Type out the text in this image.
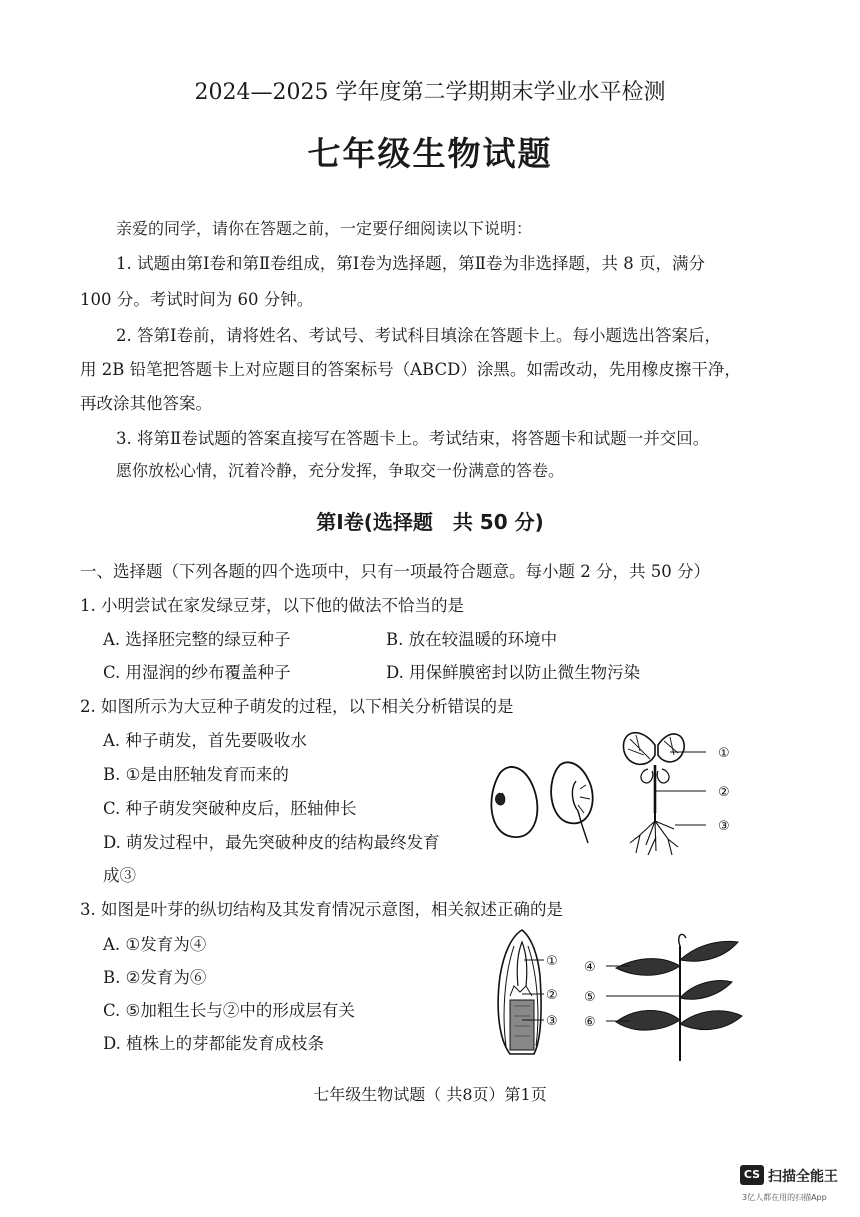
2024—2025 学年度第二学期期末学业水平检测
七年级生物试题
亲爱的同学，请你在答题之前，一定要仔细阅读以下说明：
1. 试题由第Ⅰ卷和第Ⅱ卷组成，第Ⅰ卷为选择题，第Ⅱ卷为非选择题，共 8 页，满分
100 分。考试时间为 60 分钟。
2. 答第Ⅰ卷前，请将姓名、考试号、考试科目填涂在答题卡上。每小题选出答案后，
用 2B 铅笔把答题卡上对应题目的答案标号（ABCD）涂黑。如需改动，先用橡皮擦干净，
再改涂其他答案。
3. 将第Ⅱ卷试题的答案直接写在答题卡上。考试结束，将答题卡和试题一并交回。
愿你放松心情，沉着冷静，充分发挥，争取交一份满意的答卷。
第Ⅰ卷(选择题　共 50 分)
一、选择题（下列各题的四个选项中，只有一项最符合题意。每小题 2 分，共 50 分）
1. 小明尝试在家发绿豆芽，以下他的做法不恰当的是
A. 选择胚完整的绿豆种子	B. 放在较温暖的环境中
C. 用湿润的纱布覆盖种子	D. 用保鲜膜密封以防止微生物污染
2. 如图所示为大豆种子萌发的过程，以下相关分析错误的是
A. 种子萌发，首先要吸收水
B. ①是由胚轴发育而来的
C. 种子萌发突破种皮后，胚轴伸长
D. 萌发过程中，最先突破种皮的结构最终发育
成③
①
②
③
3. 如图是叶芽的纵切结构及其发育情况示意图，相关叙述正确的是
A. ①发育为④
B. ②发育为⑥
C. ⑤加粗生长与②中的形成层有关
D. 植株上的芽都能发育成枝条
①
②
③
④
⑤
⑥
七年级生物试题（ 共8页）第1页
CS 扫描全能王
3亿人都在用的扫描App
